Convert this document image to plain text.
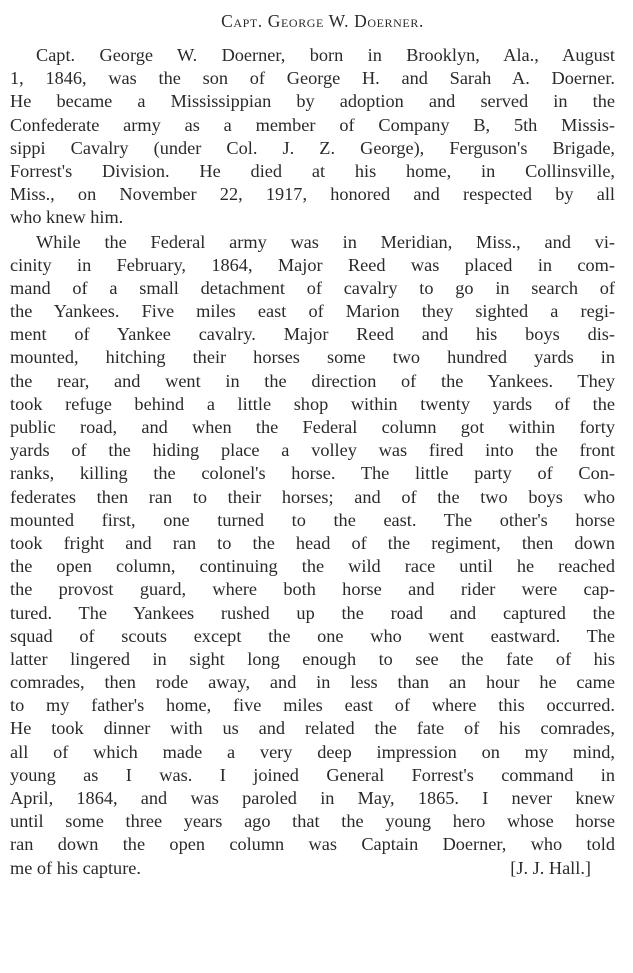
Capt. George W. Doerner.

Capt. George W. Doerner, born in Brooklyn, Ala., August
1, 1846, was the son of George H. and Sarah A. Doerner.
He became a Mississippian by adoption and served in the
Confederate army as a member of Company B, 5th Missis-
sippi Cavalry (under Col. J. Z. George), Ferguson's Brigade,
Forrest's Division. He died at his home, in Collinsville,
Miss., on November 22, 1917, honored and respected by all
who knew him.

While the Federal army was in Meridian, Miss., and vi-
cinity in February, 1864, Major Reed was placed in com-
mand of a small detachment of cavalry to go in search of
the Yankees. Five miles east of Marion they sighted a regi-
ment of Yankee cavalry. Major Reed and his boys dis-
mounted, hitching their horses some two hundred yards in
the rear, and went in the direction of the Yankees. They
took refuge behind a little shop within twenty yards of the
public road, and when the Federal column got within forty
yards of the hiding place a volley was fired into the front
ranks, killing the colonel's horse. The little party of Con-
federates then ran to their horses; and of the two boys who
mounted first, one turned to the east. The other's horse
took fright and ran to the head of the regiment, then down
the open column, continuing the wild race until he reached
the provost guard, where both horse and rider were cap-
tured. The Yankees rushed up the road and captured the
squad of scouts except the one who went eastward. The
latter lingered in sight long enough to see the fate of his
comrades, then rode away, and in less than an hour he came
to my father's home, five miles east of where this occurred.
He took dinner with us and related the fate of his comrades,
all of which made a very deep impression on my mind,
young as I was. I joined General Forrest's command in
April, 1864, and was paroled in May, 1865. I never knew
until some three years ago that the young hero whose horse
ran down the open column was Captain Doerner, who told
me of his capture.	[J. J. Hall.]
